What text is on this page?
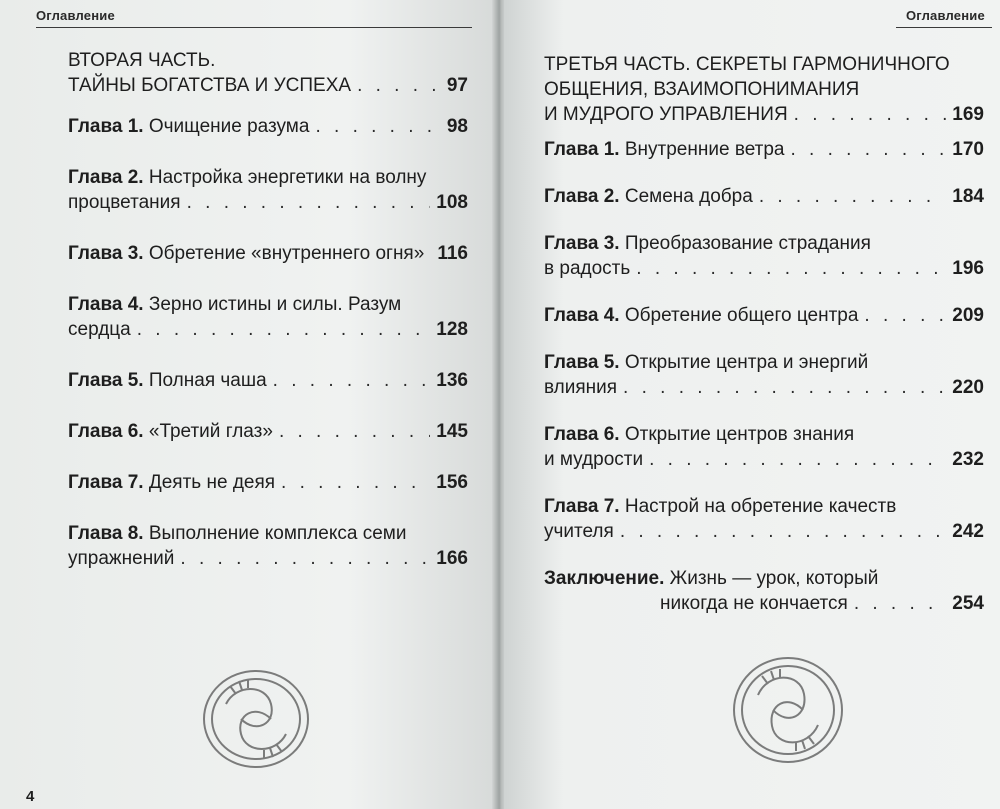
Оглавление
ВТОРАЯ ЧАСТЬ.
ТАЙНЫ БОГАТСТВА И УСПЕХА . . .	97
Глава 1. Очищение разума . . .	98
Глава 2. Настройка энергетики на волну
процветания . . .	108
Глава 3. Обретение «внутреннего огня» . . . 116
Глава 4. Зерно истины и силы. Разум
сердца . . .	128
Глава 5. Полная чаша . . .	136
Глава 6. «Третий глаз» . . .	145
Глава 7. Деять не деяя . . .	156
Глава 8. Выполнение комплекса семи
упражнений . . .	166
4
Оглавление
ТРЕТЬЯ ЧАСТЬ. СЕКРЕТЫ ГАРМОНИЧНОГО
ОБЩЕНИЯ, ВЗАИМОПОНИМАНИЯ
И МУДРОГО УПРАВЛЕНИЯ . . .	169
Глава 1. Внутренние ветра . . .	170
Глава 2. Семена добра . . .	184
Глава 3. Преобразование страдания
в радость . . .	196
Глава 4. Обретение общего центра . . .	209
Глава 5. Открытие центра и энергий
влияния . . .	220
Глава 6. Открытие центров знания
и мудрости . . .	232
Глава 7. Настрой на обретение качеств
учителя . . .	242
Заключение. Жизнь — урок, который
никогда не кончается . . .	254
